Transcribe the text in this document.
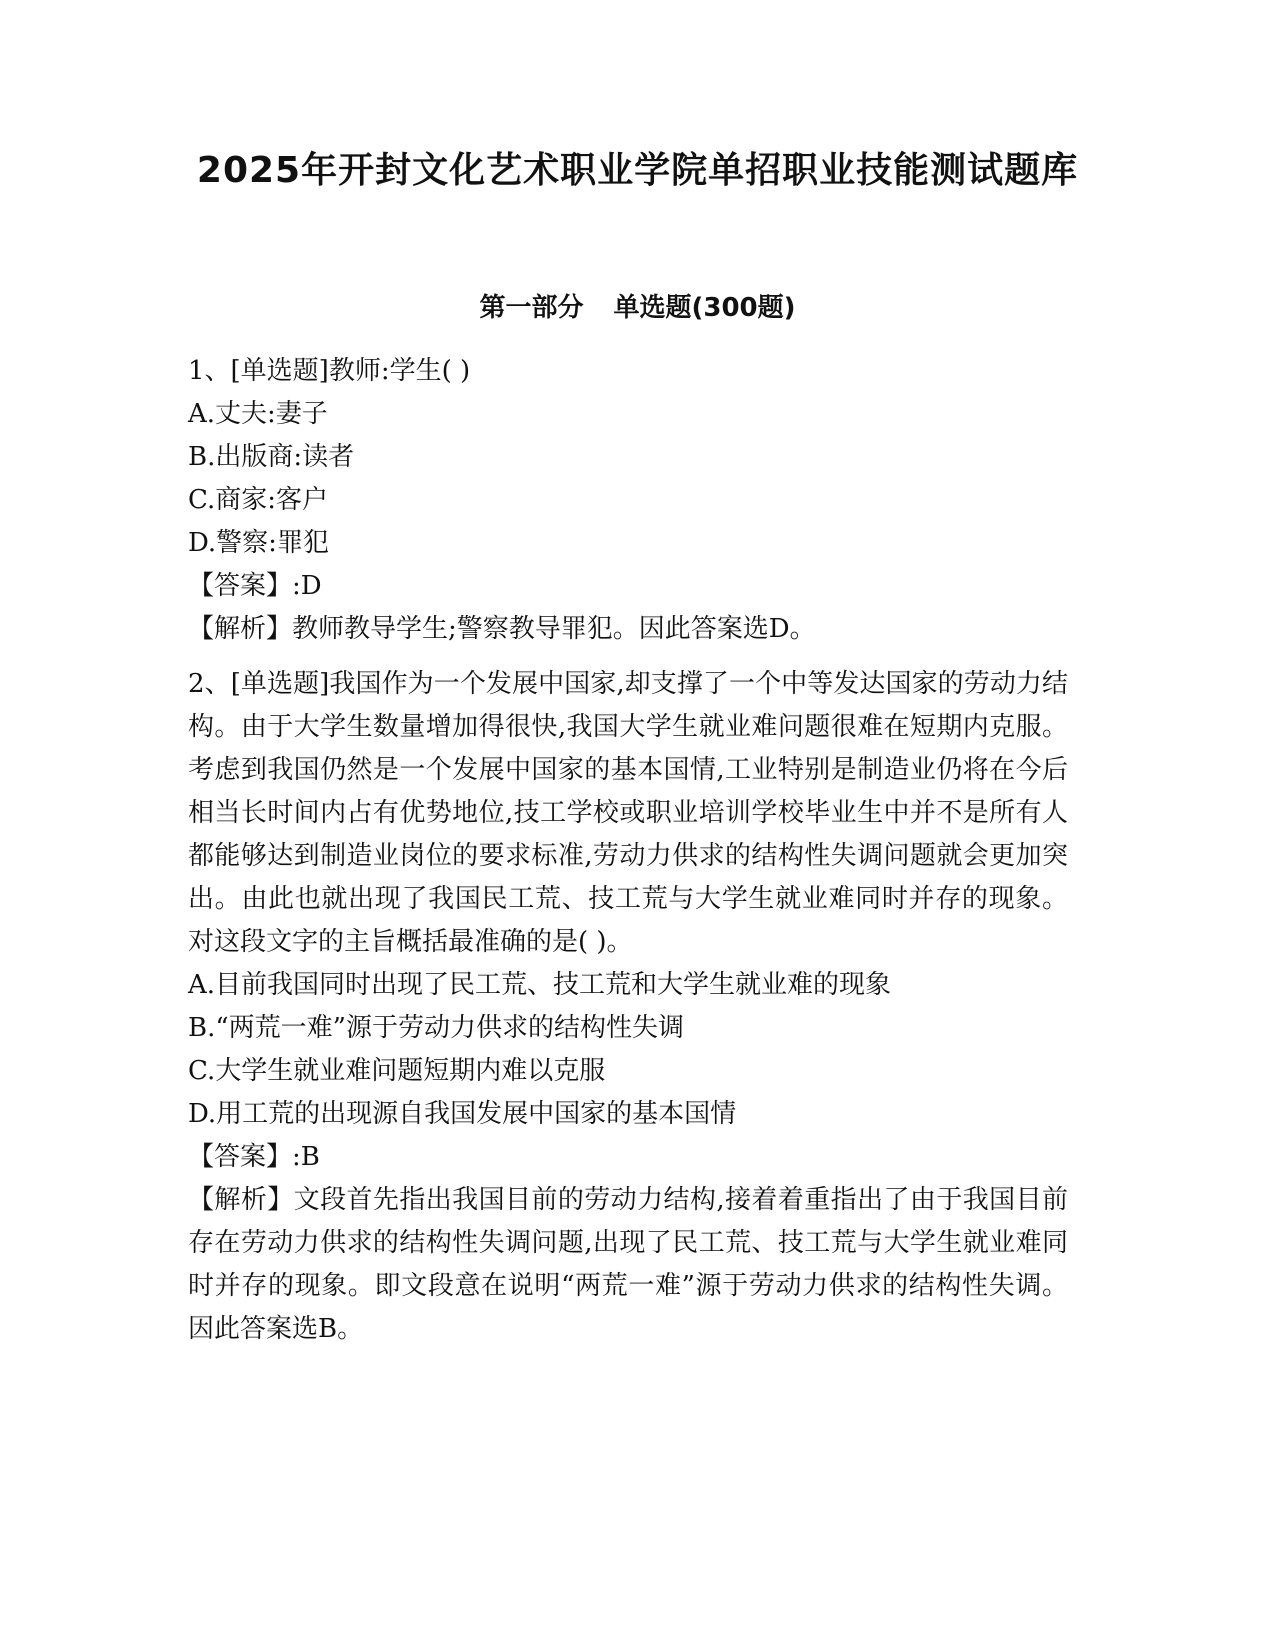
2025年开封文化艺术职业学院单招职业技能测试题库
第一部分 单选题(300题)

1、[单选题]教师:学生( )

A.丈夫:妻子

B.出版商:读者

C.商家:客户

D.警察:罪犯

【答案】:D

【解析】教师教导学生;警察教导罪犯。因此答案选D。

2、[单选题]我国作为一个发展中国家,却支撑了一个中等发达国家的劳动力结构。由于大学生数量增加得很快,我国大学生就业难问题很难在短期内克服。考虑到我国仍然是一个发展中国家的基本国情,工业特别是制造业仍将在今后相当长时间内占有优势地位,技工学校或职业培训学校毕业生中并不是所有人都能够达到制造业岗位的要求标准,劳动力供求的结构性失调问题就会更加突出。由此也就出现了我国民工荒、技工荒与大学生就业难同时并存的现象。对这段文字的主旨概括最准确的是( )。

A.目前我国同时出现了民工荒、技工荒和大学生就业难的现象

B.“两荒一难”源于劳动力供求的结构性失调

C.大学生就业难问题短期内难以克服

D.用工荒的出现源自我国发展中国家的基本国情

【答案】:B

【解析】文段首先指出我国目前的劳动力结构,接着着重指出了由于我国目前存在劳动力供求的结构性失调问题,出现了民工荒、技工荒与大学生就业难同时并存的现象。即文段意在说明“两荒一难”源于劳动力供求的结构性失调。因此答案选B。
